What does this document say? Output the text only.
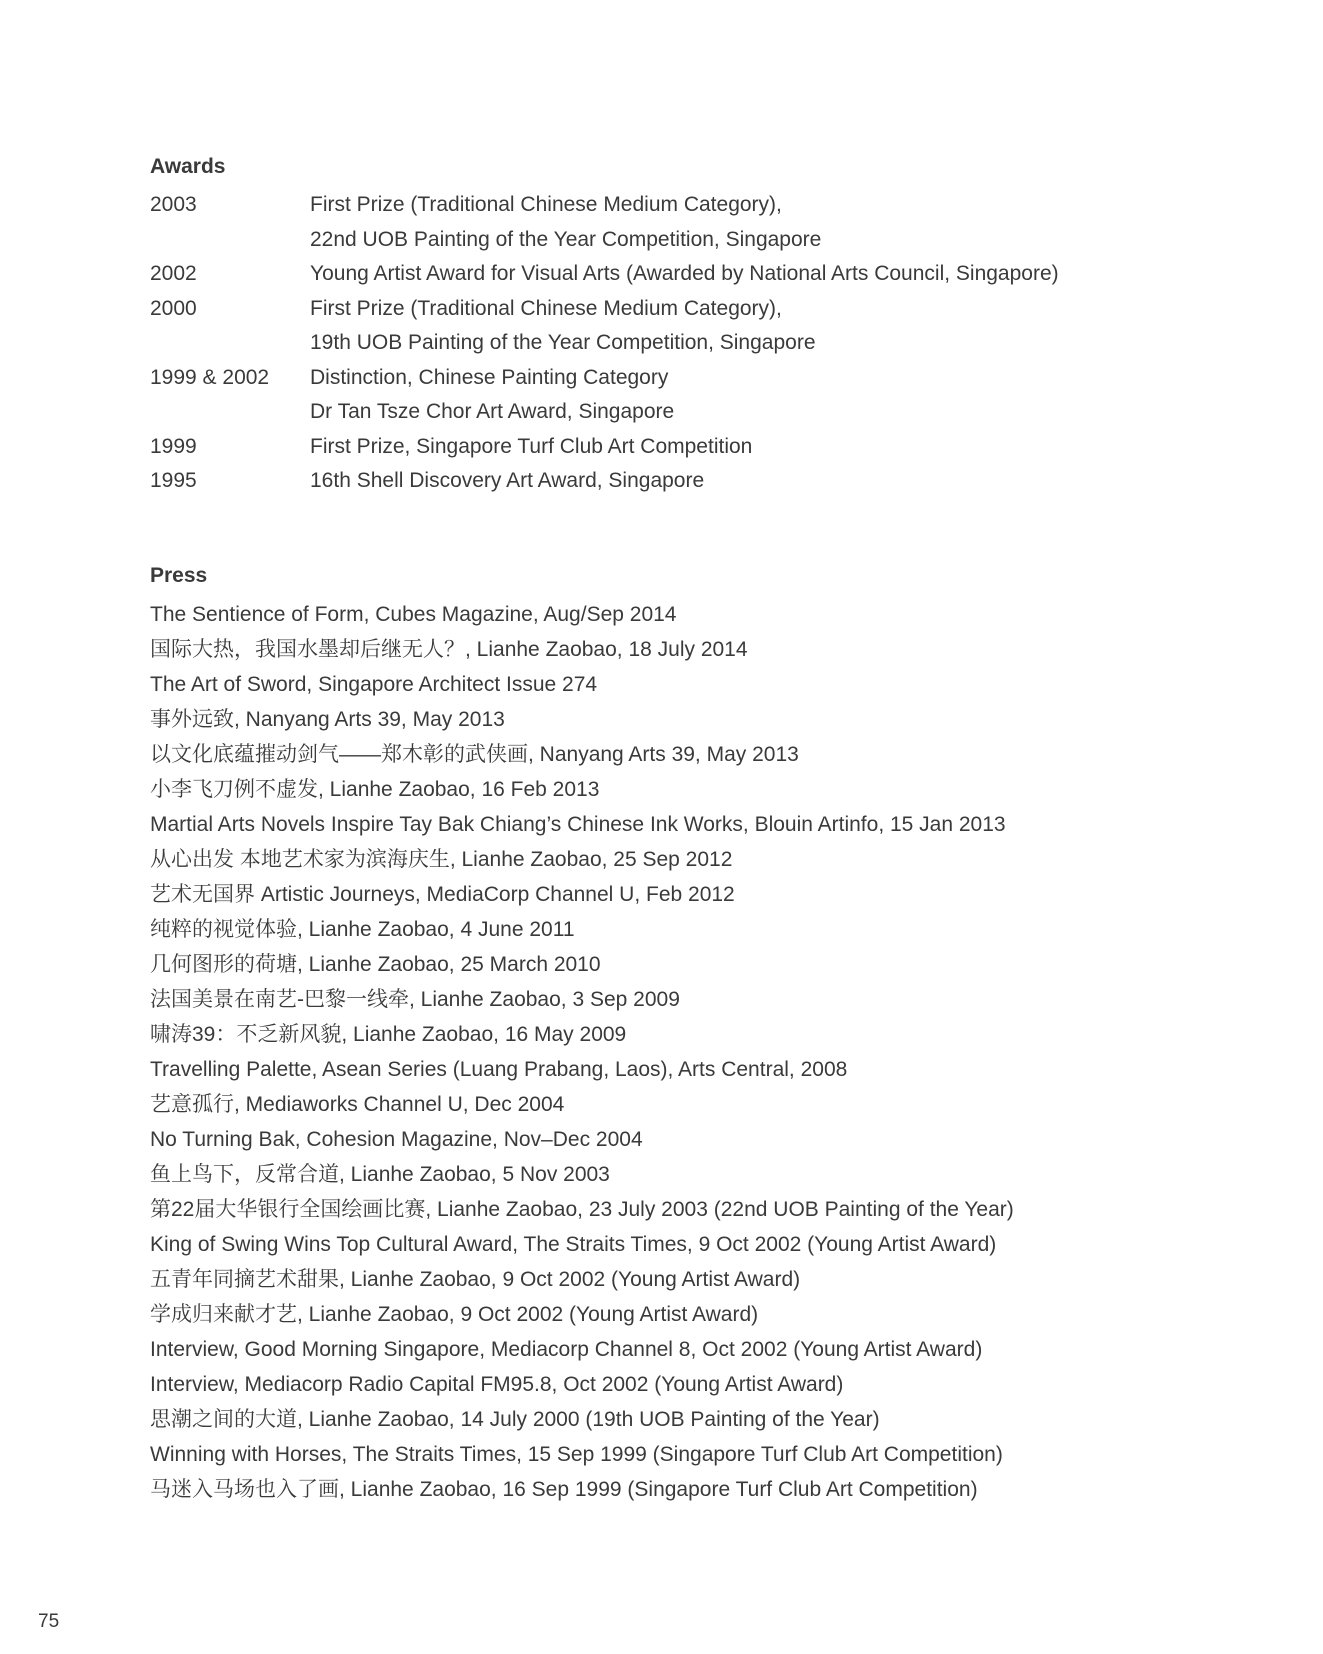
Awards
2003	First Prize (Traditional Chinese Medium Category),
22nd UOB Painting of the Year Competition, Singapore
2002	Young Artist Award for Visual Arts (Awarded by National Arts Council, Singapore)
2000	First Prize (Traditional Chinese Medium Category),
19th UOB Painting of the Year Competition, Singapore
1999 & 2002	Distinction, Chinese Painting Category
Dr Tan Tsze Chor Art Award, Singapore
1999	First Prize, Singapore Turf Club Art Competition
1995	16th Shell Discovery Art Award, Singapore
Press
The Sentience of Form, Cubes Magazine, Aug/Sep 2014
国际大热，我国水墨却后继无人？, Lianhe Zaobao, 18 July 2014
The Art of Sword, Singapore Architect Issue 274
事外远致, Nanyang Arts 39, May 2013
以文化底蕴摧动剑气——郑木彰的武侠画, Nanyang Arts 39, May 2013
小李飞刀例不虚发, Lianhe Zaobao, 16 Feb 2013
Martial Arts Novels Inspire Tay Bak Chiang’s Chinese Ink Works, Blouin Artinfo, 15 Jan 2013
从心出发 本地艺术家为滨海庆生, Lianhe Zaobao, 25 Sep 2012
艺术无国界 Artistic Journeys, MediaCorp Channel U, Feb 2012
纯粹的视觉体验, Lianhe Zaobao, 4 June 2011
几何图形的荷塘, Lianhe Zaobao, 25 March 2010
法国美景在南艺-巴黎一线牵, Lianhe Zaobao, 3 Sep 2009
啸涛39：不乏新风貌, Lianhe Zaobao, 16 May 2009
Travelling Palette, Asean Series (Luang Prabang, Laos), Arts Central, 2008
艺意孤行, Mediaworks Channel U, Dec 2004
No Turning Bak, Cohesion Magazine, Nov–Dec 2004
鱼上鸟下，反常合道, Lianhe Zaobao, 5 Nov 2003
第22届大华银行全国绘画比赛, Lianhe Zaobao, 23 July 2003 (22nd UOB Painting of the Year)
King of Swing Wins Top Cultural Award, The Straits Times, 9 Oct 2002 (Young Artist Award)
五青年同摘艺术甜果, Lianhe Zaobao, 9 Oct 2002 (Young Artist Award)
学成归来献才艺, Lianhe Zaobao, 9 Oct 2002 (Young Artist Award)
Interview, Good Morning Singapore, Mediacorp Channel 8, Oct 2002 (Young Artist Award)
Interview, Mediacorp Radio Capital FM95.8, Oct 2002 (Young Artist Award)
思潮之间的大道, Lianhe Zaobao, 14 July 2000 (19th UOB Painting of the Year)
Winning with Horses, The Straits Times, 15 Sep 1999 (Singapore Turf Club Art Competition)
马迷入马场也入了画, Lianhe Zaobao, 16 Sep 1999 (Singapore Turf Club Art Competition)
75
